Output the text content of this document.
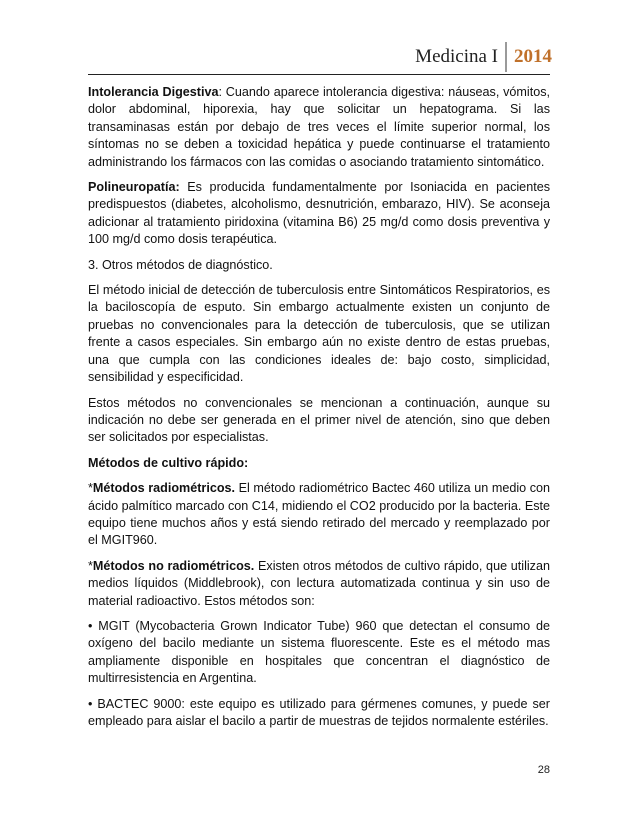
Medicina I 2014

Intolerancia Digestiva: Cuando aparece intolerancia digestiva: náuseas, vómitos, dolor abdominal, hiporexia, hay que solicitar un hepatograma. Si las transaminasas están por debajo de tres veces el límite superior normal, los síntomas no se deben a toxicidad hepática y puede continuarse el tratamiento administrando los fármacos con las comidas o asociando tratamiento sintomático.

Polineuropatía: Es producida fundamentalmente por Isoniacida en pacientes predispuestos (diabetes, alcoholismo, desnutrición, embarazo, HIV). Se aconseja adicionar al tratamiento piridoxina (vitamina B6) 25 mg/d como dosis preventiva y 100 mg/d como dosis terapéutica.

3. Otros métodos de diagnóstico.

El método inicial de detección de tuberculosis entre Sintomáticos Respiratorios, es la baciloscopía de esputo. Sin embargo actualmente existen un conjunto de pruebas no convencionales para la detección de tuberculosis, que se utilizan frente a casos especiales. Sin embargo aún no existe dentro de estas pruebas, una que cumpla con las condiciones ideales de: bajo costo, simplicidad, sensibilidad y especificidad.

Estos métodos no convencionales se mencionan a continuación, aunque su indicación no debe ser generada en el primer nivel de atención, sino que deben ser solicitados por especialistas.

Métodos de cultivo rápido:

*Métodos radiométricos. El método radiométrico Bactec 460 utiliza un medio con ácido palmítico marcado con C14, midiendo el CO2 producido por la bacteria. Este equipo tiene muchos años y está siendo retirado del mercado y reemplazado por el MGIT960.

*Métodos no radiométricos. Existen otros métodos de cultivo rápido, que utilizan medios líquidos (Middlebrook), con lectura automatizada continua y sin uso de material radioactivo. Estos métodos son:

• MGIT (Mycobacteria Grown Indicator Tube) 960 que detectan el consumo de oxígeno del bacilo mediante un sistema fluorescente. Este es el método mas ampliamente disponible en hospitales que concentran el diagnóstico de multirresistencia en Argentina.

• BACTEC 9000: este equipo es utilizado para gérmenes comunes, y puede ser empleado para aislar el bacilo a partir de muestras de tejidos normalente estériles.

28
